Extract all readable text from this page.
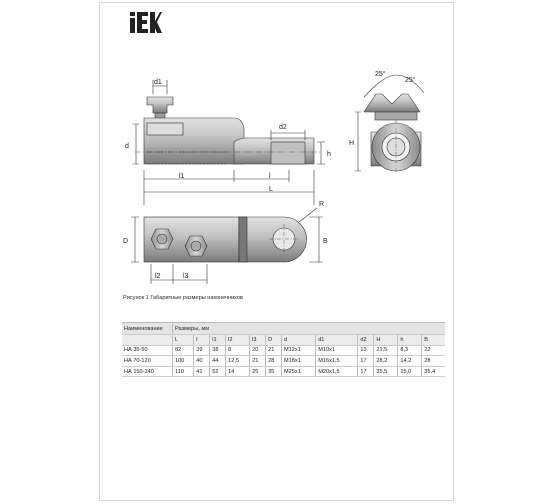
IEK
d1
d2
d
h
l1	l
L
R
D	B
l2	l3
H
25°
25°
Рисунок 1 Габаритные размеры наконечников
Наименование	Размеры, мм											
	L	l	l1	l2	l3	D	d	d1	d2	H	h	B
НА 35-50	82	39	38	8	20	21	M12x1	M10x1	13	21,5	8,3	22
НА 70-120	100	40	44	12,5	21	28	M18x1	M16x1,5	17	28,2	14,2	28
НА 150-240	110	41	52	14	25	35	M25x1	M20x1,5	17	35,5	15,0	35,4
